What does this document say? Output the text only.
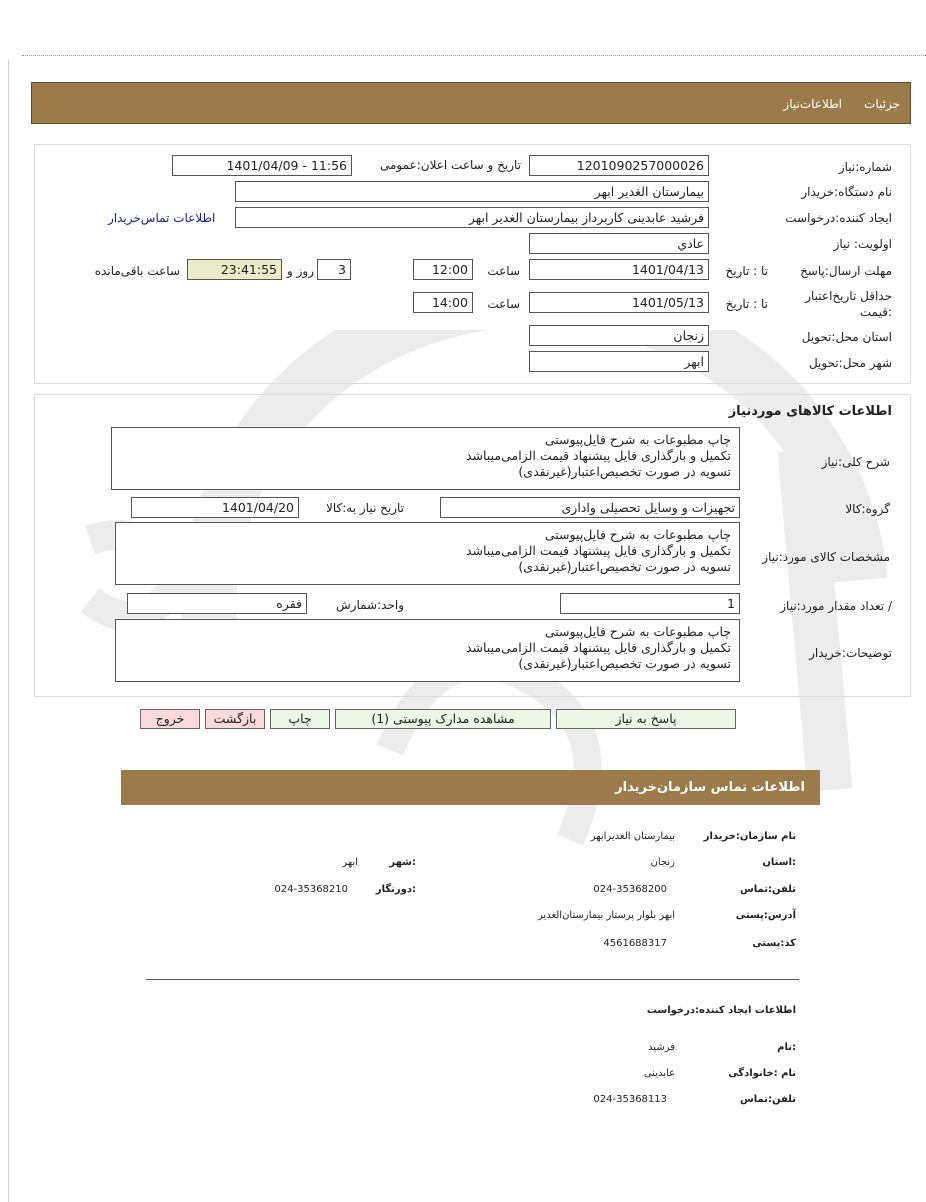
جزئيات
اطلاعات‌نیاز
شماره:نیاز
1201090257000026
تاریخ و ساعت اعلان:عمومی
1401/04/09 - 11:56
نام دستگاه:خریدار
بیمارستان الغدیر ابهر
ایجاد کننده:درخواست
فرشید عابدینی کاربرداز بیمارستان الغدیر ابهر
اطلاعات تماس‌خریدار
اولویت: نیاز
عادي
مهلت ارسال:پاسخ
تا : تاریخ
1401/04/13
ساعت
12:00
3
روز و
23:41:55
ساعت باقی‌مانده
حداقل تاریخ‌اعتبار :قیمت
تا : تاریخ
1401/05/13
ساعت
14:00
استان محل:تحویل
زنجان
شهر محل:تحویل
ابهر
اطلاعات کالاهای موردنیاز
شرح کلی:نیاز
چاپ مطبوعات به شرح فایل‌پیوستی
تکمیل و بارگذاری فایل پیشنهاد قیمت الزامی‌میباشد
تسویه در صورت تخصیص‌اعتبار(غیرنقدی)
گروه:کالا
تجهیزات و وسایل تحصیلی واداری
تاریخ نیاز به:کالا
1401/04/20
مشخصات کالای مورد:نیاز
چاپ مطبوعات به شرح فایل‌پیوستی
تکمیل و بارگذاری فایل پیشنهاد قیمت الزامی‌میباشد
تسویه در صورت تخصیص‌اعتبار(غیرنقدی)
/ تعداد مقدار مورد:نیاز
1
واحد:شمارش
فقره
توضیحات:خریدار
چاپ مطبوعات به شرح فایل‌پیوستی
تکمیل و بارگذاری فایل پیشنهاد قیمت الزامی‌میباشد
تسویه در صورت تخصیص‌اعتبار(غیرنقدی)
پاسخ به نیاز
مشاهده مدارک پیوستی (1)
چاپ
بازگشت
خروج
اطلاعات تماس سازمان‌خریدار
نام سازمان:خریدار
بیمارستان الغدیرابهر
:استان
زنجان
:شهر
ابهر
تلفن:تماس
024-35368200
:دورنگار
024-35368210
آدرس:پستی
ابهر بلوار پرستار بیمارستان‌الغدیر
کد:پستی
4561688317
اطلاعات ایجاد کننده:درخواست
:نام
فرشید
نام :خانوادگی
عابدینی
تلفن:تماس
024-35368113
